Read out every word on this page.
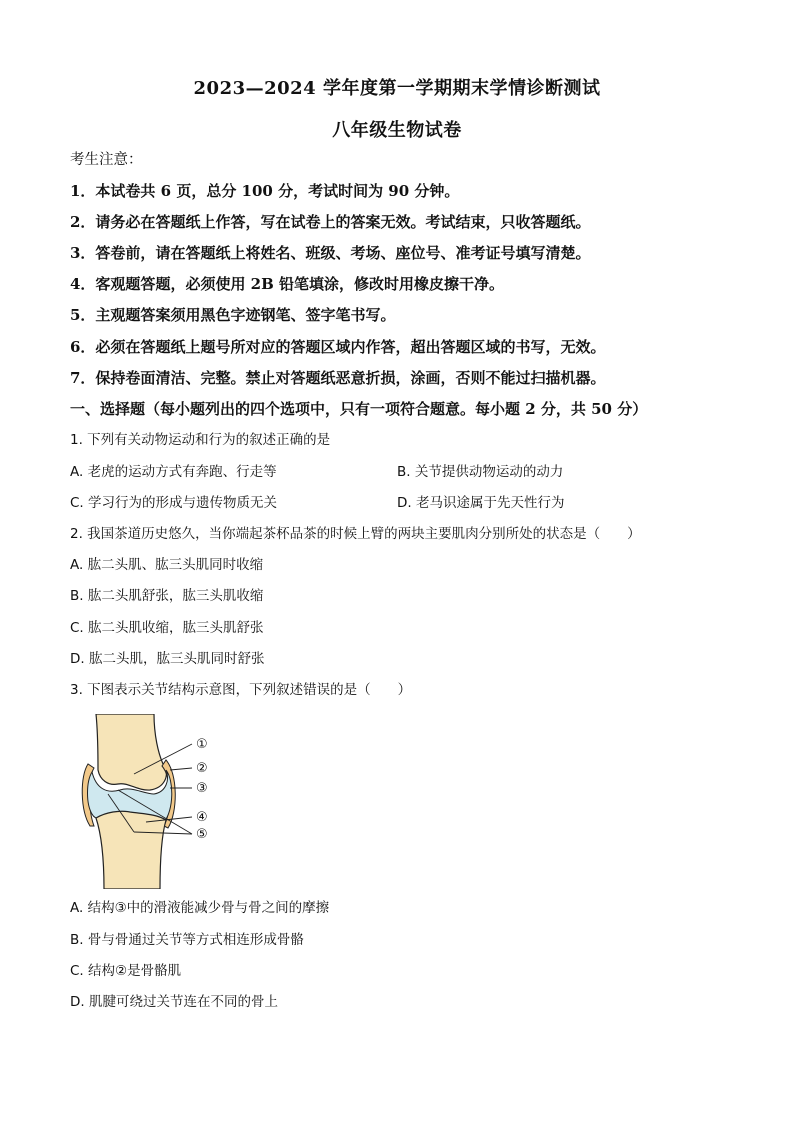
2023—2024 学年度第一学期期末学情诊断测试
八年级生物试卷
考生注意：
1．本试卷共 6 页，总分 100 分，考试时间为 90 分钟。
2．请务必在答题纸上作答，写在试卷上的答案无效。考试结束，只收答题纸。
3．答卷前，请在答题纸上将姓名、班级、考场、座位号、准考证号填写清楚。
4．客观题答题，必须使用 2B 铅笔填涂，修改时用橡皮擦干净。
5．主观题答案须用黑色字迹钢笔、签字笔书写。
6．必须在答题纸上题号所对应的答题区域内作答，超出答题区域的书写，无效。
7．保持卷面清洁、完整。禁止对答题纸恶意折损，涂画，否则不能过扫描机器。
一、选择题（每小题列出的四个选项中，只有一项符合题意。每小题 2 分，共 50 分）
1. 下列有关动物运动和行为的叙述正确的是
A. 老虎的运动方式有奔跑、行走等	B. 关节提供动物运动的动力
C. 学习行为的形成与遗传物质无关	D. 老马识途属于先天性行为
2. 我国茶道历史悠久，当你端起茶杯品茶的时候上臂的两块主要肌肉分别所处的状态是（　　）
A. 肱二头肌、肱三头肌同时收缩
B. 肱二头肌舒张，肱三头肌收缩
C. 肱二头肌收缩，肱三头肌舒张
D. 肱二头肌，肱三头肌同时舒张
3. 下图表示关节结构示意图，下列叙述错误的是（　　）
①
②
③
④
⑤
A. 结构③中的滑液能减少骨与骨之间的摩擦
B. 骨与骨通过关节等方式相连形成骨骼
C. 结构②是骨骼肌
D. 肌腱可绕过关节连在不同的骨上
